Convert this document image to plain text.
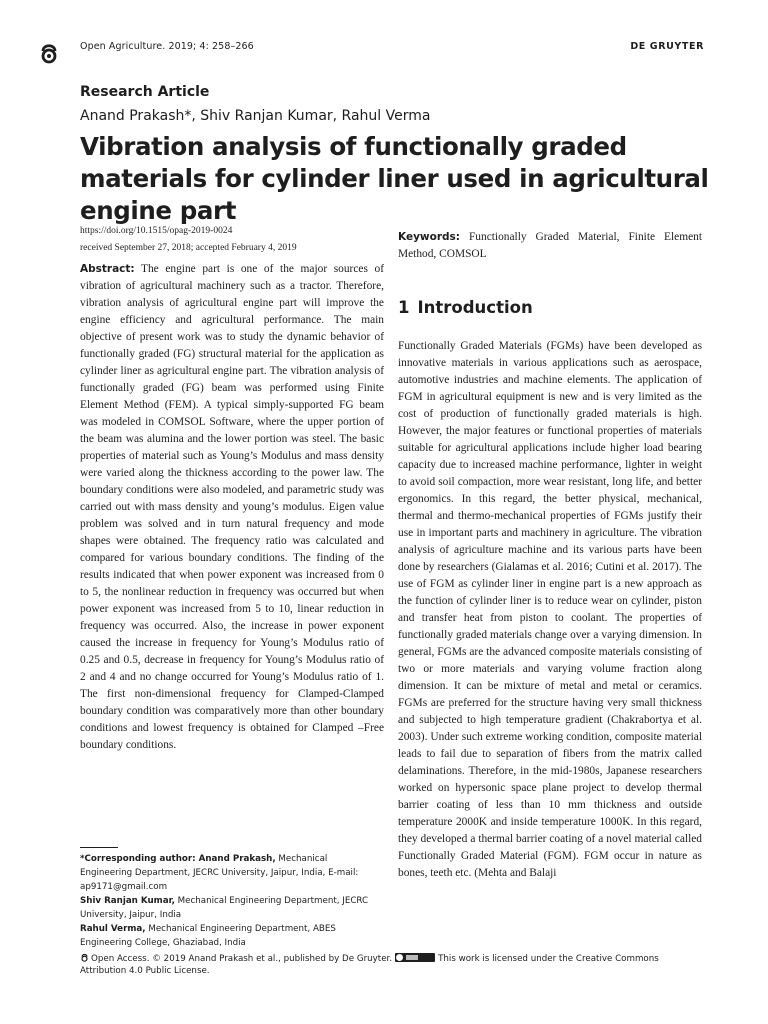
Open Agriculture. 2019; 4: 258–266	DE GRUYTER
Research Article
Anand Prakash*, Shiv Ranjan Kumar, Rahul Verma
Vibration analysis of functionally graded materials for cylinder liner used in agricultural engine part
https://doi.org/10.1515/opag-2019-0024
received September 27, 2018; accepted February 4, 2019
Abstract: The engine part is one of the major sources of vibration of agricultural machinery such as a tractor. Therefore, vibration analysis of agricultural engine part will improve the engine efficiency and agricultural performance. The main objective of present work was to study the dynamic behavior of functionally graded (FG) structural material for the application as cylinder liner as agricultural engine part. The vibration analysis of functionally graded (FG) beam was performed using Finite Element Method (FEM). A typical simply-supported FG beam was modeled in COMSOL Software, where the upper portion of the beam was alumina and the lower portion was steel. The basic properties of material such as Young’s Modulus and mass density were varied along the thickness according to the power law. The boundary conditions were also modeled, and parametric study was carried out with mass density and young’s modulus. Eigen value problem was solved and in turn natural frequency and mode shapes were obtained. The frequency ratio was calculated and compared for various boundary conditions. The finding of the results indicated that when power exponent was increased from 0 to 5, the nonlinear reduction in frequency was occurred but when power exponent was increased from 5 to 10, linear reduction in frequency was occurred. Also, the increase in power exponent caused the increase in frequency for Young’s Modulus ratio of 0.25 and 0.5, decrease in frequency for Young’s Modulus ratio of 2 and 4 and no change occurred for Young’s Modulus ratio of 1. The first non-dimensional frequency for Clamped-Clamped boundary condition was comparatively more than other boundary conditions and lowest frequency is obtained for Clamped –Free boundary conditions.
Keywords: Functionally Graded Material, Finite Element Method, COMSOL
1 Introduction
Functionally Graded Materials (FGMs) have been developed as innovative materials in various applications such as aerospace, automotive industries and machine elements. The application of FGM in agricultural equipment is new and is very limited as the cost of production of functionally graded materials is high. However, the major features or functional properties of materials suitable for agricultural applications include higher load bearing capacity due to increased machine performance, lighter in weight to avoid soil compaction, more wear resistant, long life, and better ergonomics. In this regard, the better physical, mechanical, thermal and thermo-mechanical properties of FGMs justify their use in important parts and machinery in agriculture. The vibration analysis of agriculture machine and its various parts have been done by researchers (Gialamas et al. 2016; Cutini et al. 2017). The use of FGM as cylinder liner in engine part is a new approach as the function of cylinder liner is to reduce wear on cylinder, piston and transfer heat from piston to coolant. The properties of functionally graded materials change over a varying dimension. In general, FGMs are the advanced composite materials consisting of two or more materials and varying volume fraction along dimension. It can be mixture of metal and metal or ceramics. FGMs are preferred for the structure having very small thickness and subjected to high temperature gradient (Chakrabortya et al. 2003). Under such extreme working condition, composite material leads to fail due to separation of fibers from the matrix called delaminations. Therefore, in the mid-1980s, Japanese researchers worked on hypersonic space plane project to develop thermal barrier coating of less than 10 mm thickness and outside temperature 2000K and inside temperature 1000K. In this regard, they developed a thermal barrier coating of a novel material called Functionally Graded Material (FGM). FGM occur in nature as bones, teeth etc. (Mehta and Balaji
*Corresponding author: Anand Prakash, Mechanical Engineering Department, JECRC University, Jaipur, India, E-mail: ap9171@gmail.com
Shiv Ranjan Kumar, Mechanical Engineering Department, JECRC University, Jaipur, India
Rahul Verma, Mechanical Engineering Department, ABES Engineering College, Ghaziabad, India
Open Access. © 2019 Anand Prakash et al., published by De Gruyter.	This work is licensed under the Creative Commons Attribution 4.0 Public License.
